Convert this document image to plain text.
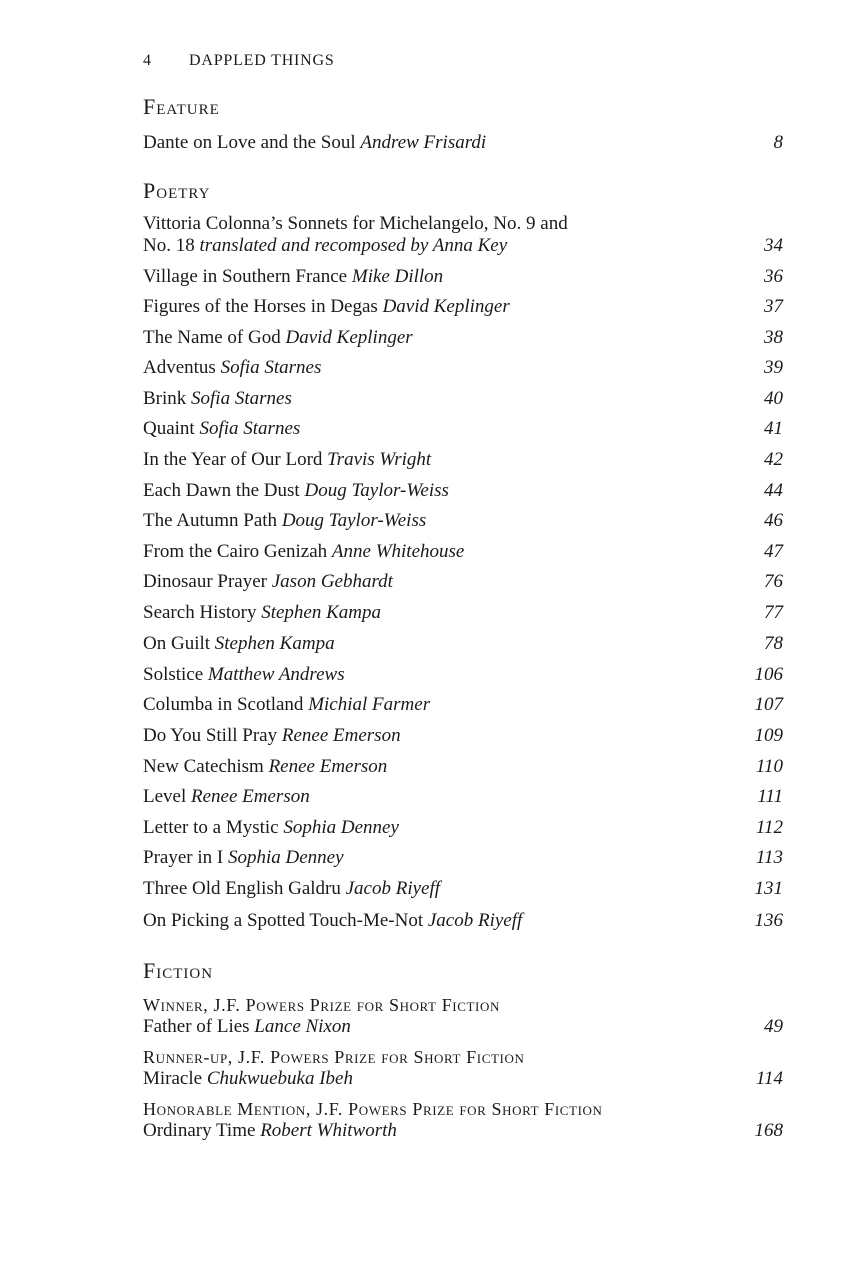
4 DAPPLED THINGS
Feature
Dante on Love and the Soul Andrew Frisardi	8
Poetry
Vittoria Colonna’s Sonnets for Michelangelo, No. 9 and
No. 18 translated and recomposed by Anna Key	34
Village in Southern France Mike Dillon	36
Figures of the Horses in Degas David Keplinger	37
The Name of God David Keplinger	38
Adventus Sofia Starnes	39
Brink Sofia Starnes	40
Quaint Sofia Starnes	41
In the Year of Our Lord Travis Wright	42
Each Dawn the Dust Doug Taylor-Weiss	44
The Autumn Path Doug Taylor-Weiss	46
From the Cairo Genizah Anne Whitehouse	47
Dinosaur Prayer Jason Gebhardt	76
Search History Stephen Kampa	77
On Guilt Stephen Kampa	78
Solstice Matthew Andrews	106
Columba in Scotland Michial Farmer	107
Do You Still Pray Renee Emerson	109
New Catechism Renee Emerson	110
Level Renee Emerson	111
Letter to a Mystic Sophia Denney	112
Prayer in I Sophia Denney	113
Three Old English Galdru Jacob Riyeff	131
On Picking a Spotted Touch-Me-Not Jacob Riyeff	136
Fiction
Winner, J.F. Powers Prize for Short Fiction
Father of Lies Lance Nixon	49
Runner-up, J.F. Powers Prize for Short Fiction
Miracle Chukwuebuka Ibeh	114
Honorable Mention, J.F. Powers Prize for Short Fiction
Ordinary Time Robert Whitworth	168
